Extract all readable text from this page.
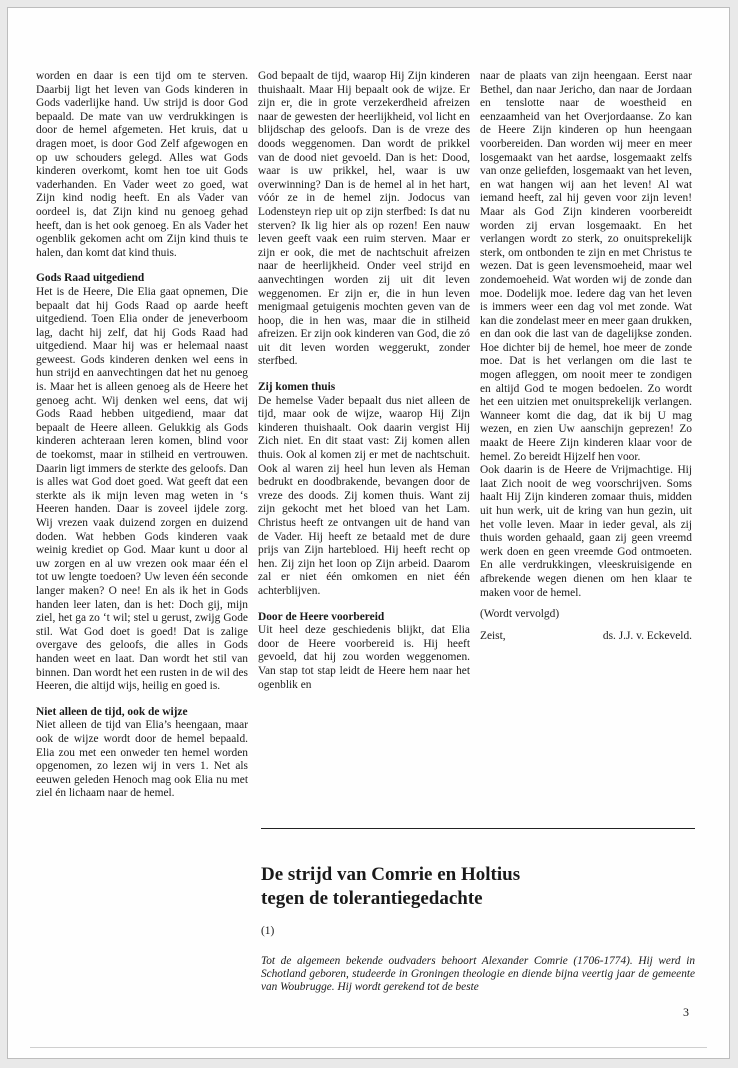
worden en daar is een tijd om te sterven. Daarbij ligt het leven van Gods kinderen in Gods vaderlijke hand. Uw strijd is door God bepaald. De mate van uw verdrukkingen is door de hemel afgemeten. Het kruis, dat u dragen moet, is door God Zelf afgewogen en op uw schouders gelegd. Alles wat Gods kinderen overkomt, komt hen toe uit Gods vaderhanden. En Vader weet zo goed, wat Zijn kind nodig heeft. En als Vader van oordeel is, dat Zijn kind nu genoeg gehad heeft, dan is het ook genoeg. En als Vader het ogenblik gekomen acht om Zijn kind thuis te halen, dan komt dat kind thuis.

Gods Raad uitgediend

Het is de Heere, Die Elia gaat opnemen, Die bepaalt dat hij Gods Raad op aarde heeft uitgediend. Toen Elia onder de jeneverboom lag, dacht hij zelf, dat hij Gods Raad had uitgediend. Maar hij was er helemaal naast geweest. Gods kinderen denken wel eens in hun strijd en aanvechtingen dat het nu genoeg is. Maar het is alleen genoeg als de Heere het genoeg acht. Wij denken wel eens, dat wij Gods Raad hebben uitgediend, maar dat bepaalt de Heere alleen. Gelukkig als Gods kinderen achteraan leren komen, blind voor de toekomst, maar in stilheid en vertrouwen. Daarin ligt immers de sterkte des geloofs. Dan is alles wat God doet goed. Wat geeft dat een sterkte als ik mijn leven mag weten in ‘s Heeren handen. Daar is zoveel ijdele zorg. Wij vrezen vaak duizend zorgen en duizend doden. Wat hebben Gods kinderen vaak weinig krediet op God. Maar kunt u door al uw zorgen en al uw vrezen ook maar één el tot uw lengte toedoen? Uw leven één seconde langer maken? O nee! En als ik het in Gods handen leer laten, dan is het: Doch gij, mijn ziel, het ga zo ‘t wil; stel u gerust, zwijg Gode stil. Wat God doet is goed! Dat is zalige overgave des geloofs, die alles in Gods handen weet en laat. Dan wordt het stil van binnen. Dan wordt het een rusten in de wil des Heeren, die altijd wijs, heilig en goed is.

Niet alleen de tijd, ook de wijze

Niet alleen de tijd van Elia’s heengaan, maar ook de wijze wordt door de hemel bepaald. Elia zou met een onweder ten hemel worden opgenomen, zo lezen wij in vers 1. Net als eeuwen geleden Henoch mag ook Elia nu met ziel én lichaam naar de hemel.

God bepaalt de tijd, waarop Hij Zijn kinderen thuishaalt. Maar Hij bepaalt ook de wijze. Er zijn er, die in grote verzekerdheid afreizen naar de gewesten der heerlijkheid, vol licht en blijdschap des geloofs. Dan is de vreze des doods weggenomen. Dan wordt de prikkel van de dood niet gevoeld. Dan is het: Dood, waar is uw prikkel, hel, waar is uw overwinning? Dan is de hemel al in het hart, vóór ze in de hemel zijn. Jodocus van Lodensteyn riep uit op zijn sterfbed: Is dat nu sterven? Ik lig hier als op rozen! Een nauw leven geeft vaak een ruim sterven. Maar er zijn er ook, die met de nachtschuit afreizen naar de heerlijkheid. Onder veel strijd en aanvechtingen worden zij uit dit leven weggenomen. Er zijn er, die in hun leven menigmaal getuigenis mochten geven van de hoop, die in hen was, maar die in stilheid afreizen. Er zijn ook kinderen van God, die zó uit dit leven worden weggerukt, zonder sterfbed.

Zij komen thuis

De hemelse Vader bepaalt dus niet alleen de tijd, maar ook de wijze, waarop Hij Zijn kinderen thuishaalt. Ook daarin vergist Hij Zich niet. En dit staat vast: Zij komen allen thuis. Ook al komen zij er met de nachtschuit. Ook al waren zij heel hun leven als Heman bedrukt en doodbrakende, bevangen door de vreze des doods. Zij komen thuis. Want zij zijn gekocht met het bloed van het Lam. Christus heeft ze ontvangen uit de hand van de Vader. Hij heeft ze betaald met de dure prijs van Zijn hartebloed. Hij heeft recht op hen. Zij zijn het loon op Zijn arbeid. Daarom zal er niet één omkomen en niet één achterblijven.

Door de Heere voorbereid

Uit heel deze geschiedenis blijkt, dat Elia door de Heere voorbereid is. Hij heeft gevoeld, dat hij zou worden weggenomen. Van stap tot stap leidt de Heere hem naar het ogenblik en

naar de plaats van zijn heengaan. Eerst naar Bethel, dan naar Jericho, dan naar de Jordaan en tenslotte naar de woestheid en eenzaamheid van het Overjordaanse. Zo kan de Heere Zijn kinderen op hun heengaan voorbereiden. Dan worden wij meer en meer losgemaakt van het aardse, losgemaakt zelfs van onze geliefden, losgemaakt van het leven, en wat hangen wij aan het leven! Al wat iemand heeft, zal hij geven voor zijn leven! Maar als God Zijn kinderen voorbereidt worden zij ervan losgemaakt. En het verlangen wordt zo sterk, zo onuitsprekelijk sterk, om ontbonden te zijn en met Christus te wezen. Dat is geen levensmoeheid, maar wel zondemoeheid. Wat worden wij de zonde dan moe. Dodelijk moe. Iedere dag van het leven is immers weer een dag vol met zonde. Wat kan die zondelast meer en meer gaan drukken, en dan ook die last van de dagelijkse zonden. Hoe dichter bij de hemel, hoe meer de zonde moe. Dat is het verlangen om die last te mogen afleggen, om nooit meer te zondigen en altijd God te mogen bedoelen. Zo wordt het een uitzien met onuitsprekelijk verlangen. Wanneer komt die dag, dat ik bij U mag wezen, en zien Uw aanschijn geprezen! Zo maakt de Heere Zijn kinderen klaar voor de hemel. Zo bereidt Hijzelf hen voor.

Ook daarin is de Heere de Vrijmachtige. Hij laat Zich nooit de weg voorschrijven. Soms haalt Hij Zijn kinderen zomaar thuis, midden uit hun werk, uit de kring van hun gezin, uit het volle leven. Maar in ieder geval, als zij thuis worden gehaald, gaan zij geen vreemd werk doen en geen vreemde God ontmoeten. En alle verdrukkingen, vleeskruisigende en afbrekende wegen dienen om hen klaar te maken voor de hemel.

(Wordt vervolgd)

Zeist,	ds. J.J. v. Eckeveld.
De strijd van Comrie en Holtius
tegen de tolerantiegedachte
(1)
Tot de algemeen bekende oudvaders behoort Alexander Comrie (1706-1774). Hij werd in Schotland geboren, studeerde in Groningen theologie en diende bijna veertig jaar de gemeente van Woubrugge. Hij wordt gerekend tot de beste
3
